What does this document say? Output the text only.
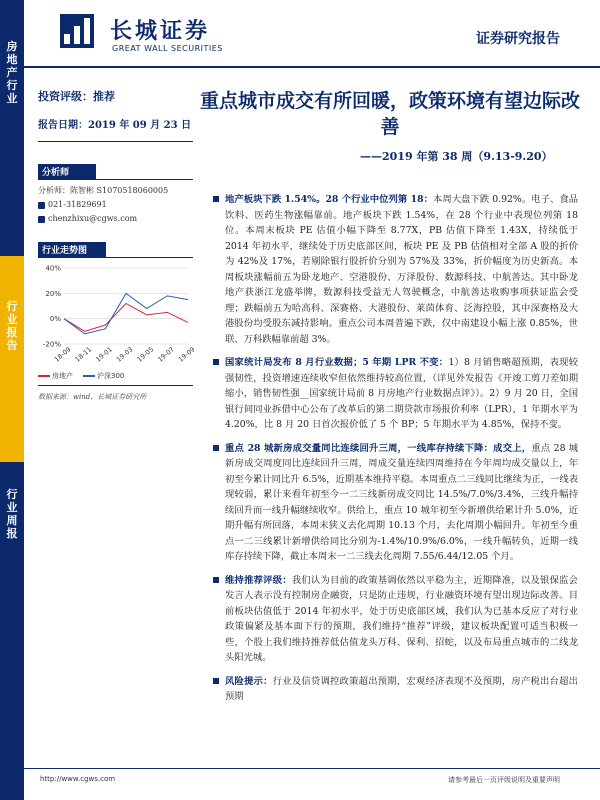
房地产行业
行业报告
行业周报
长城证券
GREAT WALL SECURITIES
证券研究报告
投资评级：推荐
报告日期：2019 年 09 月 23 日
分析师
分析师：陈智彬 S1070518060005
021-31829691
chenzhixu@cgws.com
行业走势图
40%
20%
0%
-20%
18-09 18-11 19-01 19-03 19-05 19-07 19-09
房地产	沪深300
数据来源：wind、长城证券研究所
重点城市成交有所回暖，政策环境有望边际改善
——2019 年第 38 周（9.13-9.20）
地产板块下跌 1.54%。28 个行业中位列第 18：本周大盘下跌 0.92%。电子、食品饮料、医药生物涨幅靠前。地产板块下跌 1.54%，在 28 个行业中表现位列第 18 位。本周末板块 PE 估值小幅下降至 8.77X，PB 估值下降至 1.43X，持续低于 2014 年初水平，继续处于历史底部区间，板块 PE 及 PB 估值相对全部 A 股的折价为 42%及 17%，若剔除银行股折价分别为 57%及 33%，折价幅度为历史新高。本周板块涨幅前五为卧龙地产、空港股份、万泽股份、数源科技、中航善达。其中卧龙地产获浙江龙盛举牌，数源科技受益无人驾驶概念，中航善达收购事项获证监会受理；跌幅前五为哈高科、深赛格、大港股份、莱茵体育、泛海控股，其中深赛格及大港股份均受股东减持影响。重点公司本周普遍下跌，仅中南建设小幅上涨 0.85%，世联、万科跌幅靠前超 3%。
国家统计局发布 8 月行业数据；5 年期 LPR 不变：1）8 月销售略超预期，表现较强韧性，投资增速连续收窄但依然维持较高位置，（详见外发报告《开竣工剪刀差如期缩小，销售韧性强__国家统计局前 8 月房地产行业数据点评》）。2）9 月 20 日，全国银行间同业拆借中心公布了改革后的第二期贷款市场报价利率（LPR），1 年期水平为 4.20%，比 8 月 20 日首次报价低了 5 个 BP；5 年期水平为 4.85%，保持不变。
重点 28 城新房成交量同比连续回升三周，一线库存持续下降：成交上，重点 28 城新房成交周度同比连续回升三周，周成交量连续四周维持在今年周均成交量以上，年初至今累计同比升 6.5%，近期基本维持平稳。本周重点二三线同比继续为正，一线表现较弱，累计来看年初至今一二三线新房成交同比 14.5%/7.0%/3.4%，三线升幅持续回升而一线升幅继续收窄。供给上，重点 10 城年初至今新增供给累计升 5.0%，近期升幅有所回落，本周末狭义去化周期 10.13 个月，去化周期小幅回升。年初至今重点一二三线累计新增供给同比分别为-1.4%/10.9%/6.0%，一线升幅转负，近期一线库存持续下降，截止本周末一二三线去化周期 7.55/6.44/12.05 个月。
维持推荐评级：我们认为目前的政策基调依然以平稳为主，近期降准，以及银保监会发言人表示没有控制房企融资，只是防止违规，行业融资环境有望出现边际改善。目前板块估值低于 2014 年初水平，处于历史底部区域，我们认为已基本反应了对行业政策偏紧及基本面下行的预期，我们维持“推荐”评级，建议板块配置可适当积极一些，个股上我们维持推荐低估值龙头万科、保利、招蛇，以及布局重点城市的二线龙头阳光城。
风险提示：行业及信贷调控政策超出预期，宏观经济表现不及预期，房产税出台超出预期
http://www.cgws.com	请参考最后一页评级说明及重要声明
